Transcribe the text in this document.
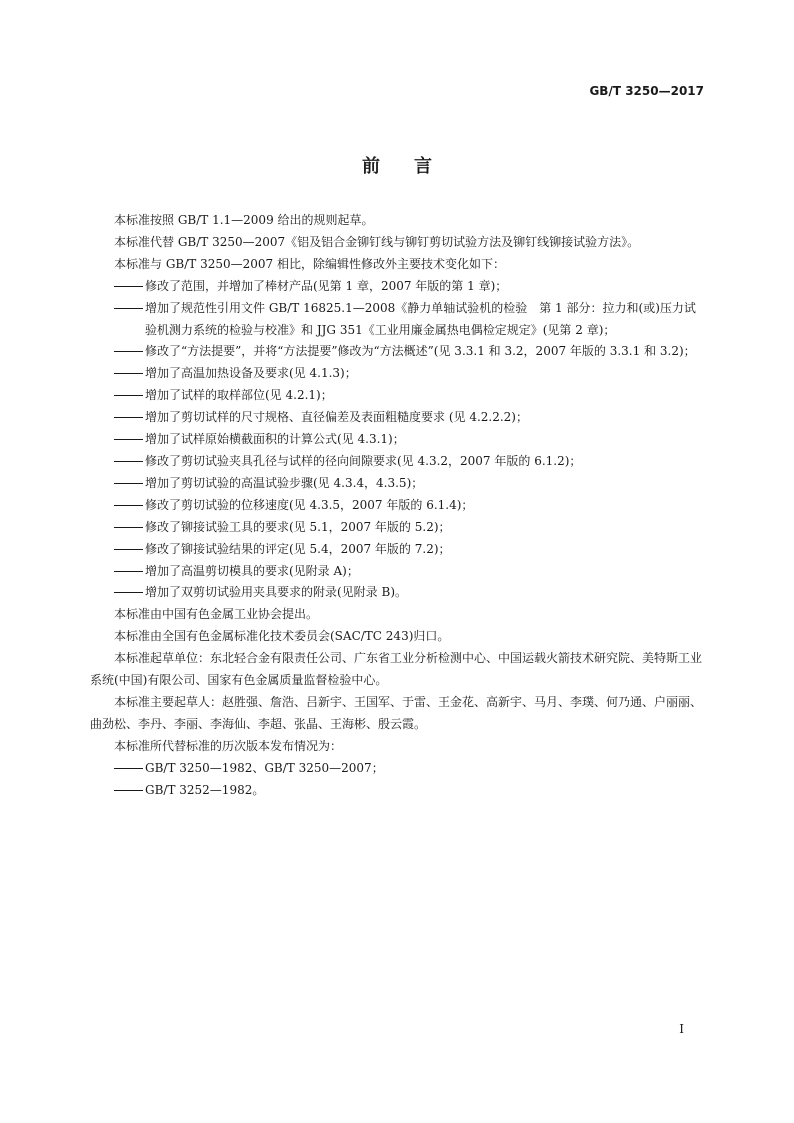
GB/T 3250—2017
前言

本标准按照 GB/T 1.1—2009 给出的规则起草。

本标准代替 GB/T 3250—2007《铝及铝合金铆钉线与铆钉剪切试验方法及铆钉线铆接试验方法》。

本标准与 GB/T 3250—2007 相比，除编辑性修改外主要技术变化如下：

修改了范围，并增加了棒材产品(见第 1 章，2007 年版的第 1 章)；
增加了规范性引用文件 GB/T 16825.1—2008《静力单轴试验机的检验　第 1 部分：拉力和(或)压力试验机测力系统的检验与校准》和 JJG 351《工业用廉金属热电偶检定规定》(见第 2 章)；
修改了“方法提要”，并将“方法提要”修改为“方法概述”(见 3.3.1 和 3.2，2007 年版的 3.3.1 和 3.2)；
增加了高温加热设备及要求(见 4.1.3)；
增加了试样的取样部位(见 4.2.1)；
增加了剪切试样的尺寸规格、直径偏差及表面粗糙度要求 (见 4.2.2.2)；
增加了试样原始横截面积的计算公式(见 4.3.1)；
修改了剪切试验夹具孔径与试样的径向间隙要求(见 4.3.2，2007 年版的 6.1.2)；
增加了剪切试验的高温试验步骤(见 4.3.4，4.3.5)；
修改了剪切试验的位移速度(见 4.3.5，2007 年版的 6.1.4)；
修改了铆接试验工具的要求(见 5.1，2007 年版的 5.2)；
修改了铆接试验结果的评定(见 5.4，2007 年版的 7.2)；
增加了高温剪切模具的要求(见附录 A)；
增加了双剪切试验用夹具要求的附录(见附录 B)。

本标准由中国有色金属工业协会提出。

本标准由全国有色金属标准化技术委员会(SAC/TC 243)归口。

本标准起草单位：东北轻合金有限责任公司、广东省工业分析检测中心、中国运载火箭技术研究院、美特斯工业系统(中国)有限公司、国家有色金属质量监督检验中心。

本标准主要起草人：赵胜强、詹浩、吕新宇、王国军、于雷、王金花、高新宇、马月、李璞、何乃通、户丽丽、曲劲松、李丹、李丽、李海仙、李超、张晶、王海彬、殷云霞。

本标准所代替标准的历次版本发布情况为：

GB/T 3250—1982、GB/T 3250—2007；
GB/T 3252—1982。
I
